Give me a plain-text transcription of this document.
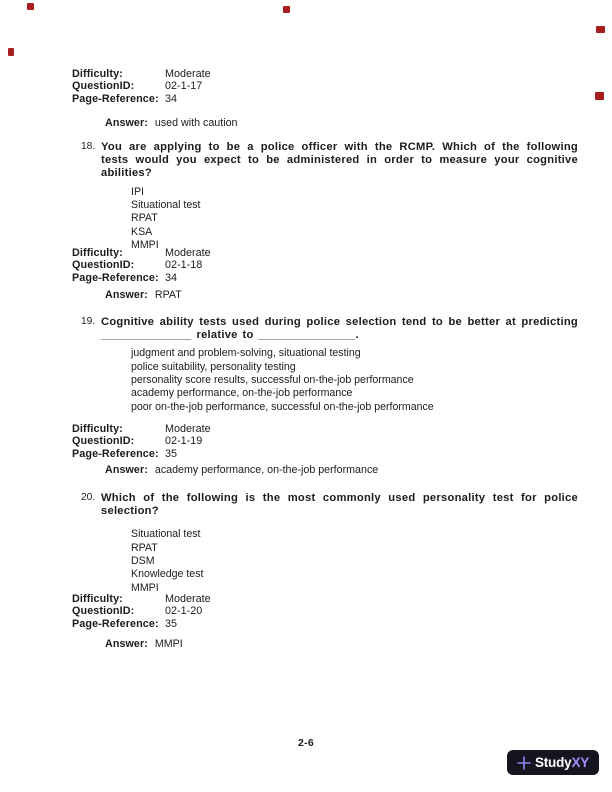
Difficulty:	Moderate
QuestionID:	02-1-17
Page-Reference: 34
Answer: used with caution
18. You are applying to be a police officer with the RCMP. Which of the following tests would you expect to be administered in order to measure your cognitive abilities?
IPI
Situational test
RPAT
KSA
MMPI
Difficulty:	Moderate
QuestionID:	02-1-18
Page-Reference: 34
Answer: RPAT
19. Cognitive ability tests used during police selection tend to be better at predicting ______________ relative to _______________.
judgment and problem-solving, situational testing
police suitability, personality testing
personality score results, successful on-the-job performance
academy performance, on-the-job performance
poor on-the-job performance, successful on-the-job performance
Difficulty:	Moderate
QuestionID:	02-1-19
Page-Reference: 35
Answer: academy performance, on-the-job performance
20. Which of the following is the most commonly used personality test for police selection?
Situational test
RPAT
DSM
Knowledge test
MMPI
Difficulty:	Moderate
QuestionID:	02-1-20
Page-Reference: 35
Answer: MMPI
2-6
StudyXY
